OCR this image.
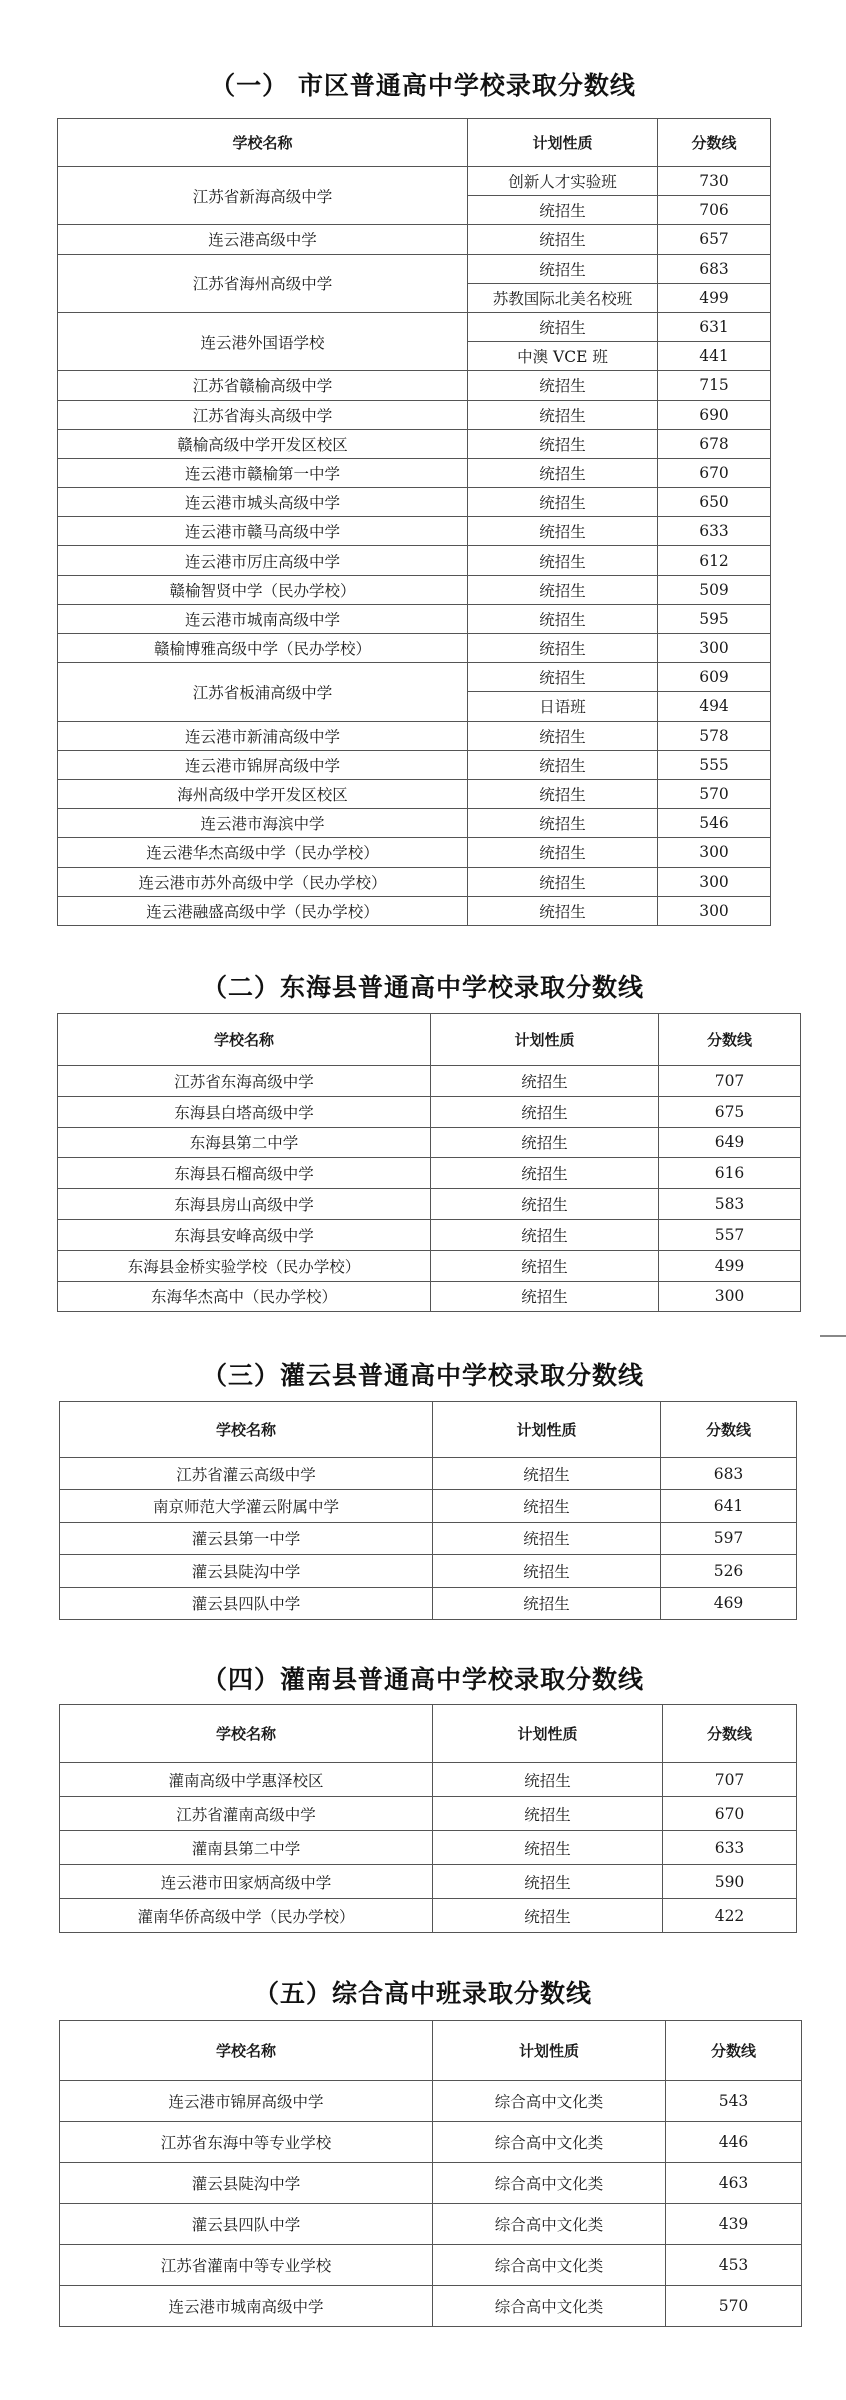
（一） 市区普通高中学校录取分数线
学校名称	计划性质	分数线
江苏省新海高级中学	创新人才实验班	730
	统招生	706
连云港高级中学	统招生	657
江苏省海州高级中学	统招生	683
	苏教国际北美名校班	499
连云港外国语学校	统招生	631
	中澳 VCE 班	441
江苏省赣榆高级中学	统招生	715
江苏省海头高级中学	统招生	690
赣榆高级中学开发区校区	统招生	678
连云港市赣榆第一中学	统招生	670
连云港市城头高级中学	统招生	650
连云港市赣马高级中学	统招生	633
连云港市厉庄高级中学	统招生	612
赣榆智贤中学（民办学校）	统招生	509
连云港市城南高级中学	统招生	595
赣榆博雅高级中学（民办学校）	统招生	300
江苏省板浦高级中学	统招生	609
	日语班	494
连云港市新浦高级中学	统招生	578
连云港市锦屏高级中学	统招生	555
海州高级中学开发区校区	统招生	570
连云港市海滨中学	统招生	546
连云港华杰高级中学（民办学校）	统招生	300
连云港市苏外高级中学（民办学校）	统招生	300
连云港融盛高级中学（民办学校）	统招生	300
（二）东海县普通高中学校录取分数线
学校名称	计划性质	分数线
江苏省东海高级中学	统招生	707
东海县白塔高级中学	统招生	675
东海县第二中学	统招生	649
东海县石榴高级中学	统招生	616
东海县房山高级中学	统招生	583
东海县安峰高级中学	统招生	557
东海县金桥实验学校（民办学校）	统招生	499
东海华杰高中（民办学校）	统招生	300
（三）灌云县普通高中学校录取分数线
学校名称	计划性质	分数线
江苏省灌云高级中学	统招生	683
南京师范大学灌云附属中学	统招生	641
灌云县第一中学	统招生	597
灌云县陡沟中学	统招生	526
灌云县四队中学	统招生	469
（四）灌南县普通高中学校录取分数线
学校名称	计划性质	分数线
灌南高级中学惠泽校区	统招生	707
江苏省灌南高级中学	统招生	670
灌南县第二中学	统招生	633
连云港市田家炳高级中学	统招生	590
灌南华侨高级中学（民办学校）	统招生	422
（五）综合高中班录取分数线
学校名称	计划性质	分数线
连云港市锦屏高级中学	综合高中文化类	543
江苏省东海中等专业学校	综合高中文化类	446
灌云县陡沟中学	综合高中文化类	463
灌云县四队中学	综合高中文化类	439
江苏省灌南中等专业学校	综合高中文化类	453
连云港市城南高级中学	综合高中文化类	570
